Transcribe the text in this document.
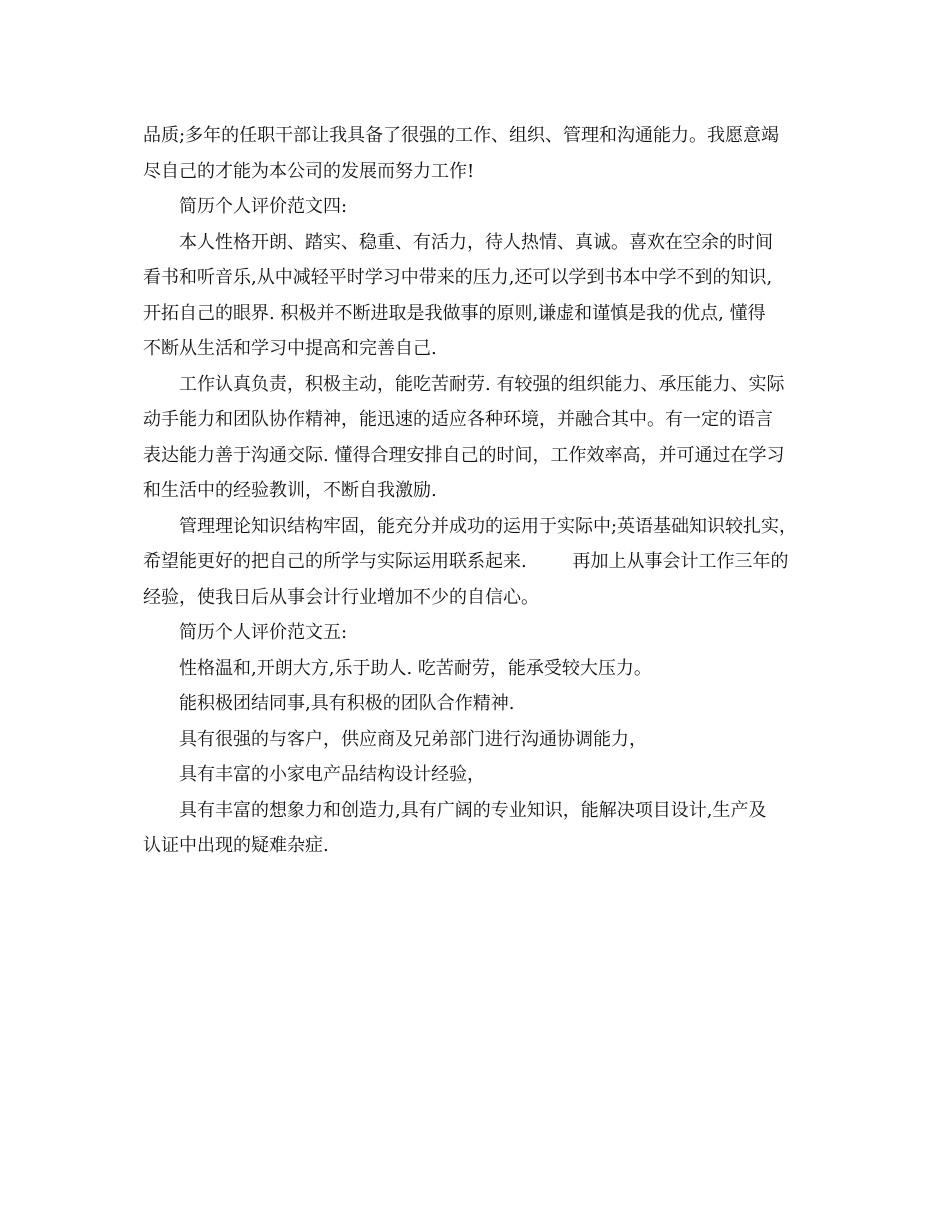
品质;多年的任职干部让我具备了很强的工作、组织、管理和沟通能力。我愿意竭
尽自己的才能为本公司的发展而努力工作!
简历个人评价范文四:
本人性格开朗、踏实、稳重、有活力，待人热情、真诚。喜欢在空余的时间
看书和听音乐,从中减轻平时学习中带来的压力,还可以学到书本中学不到的知识,
开拓自己的眼界. 积极并不断进取是我做事的原则,谦虚和谨慎是我的优点, 懂得
不断从生活和学习中提高和完善自己.
工作认真负责，积极主动，能吃苦耐劳. 有较强的组织能力、承压能力、实际
动手能力和团队协作精神，能迅速的适应各种环境，并融合其中。有一定的语言
表达能力善于沟通交际. 懂得合理安排自己的时间，工作效率高，并可通过在学习
和生活中的经验教训，不断自我激励.
管理理论知识结构牢固，能充分并成功的运用于实际中;英语基础知识较扎实，
希望能更好的把自己的所学与实际运用联系起来.        再加上从事会计工作三年的
经验，使我日后从事会计行业增加不少的自信心。
简历个人评价范文五:
性格温和,开朗大方,乐于助人. 吃苦耐劳，能承受较大压力。
能积极团结同事,具有积极的团队合作精神.
具有很强的与客户，供应商及兄弟部门进行沟通协调能力，
具有丰富的小家电产品结构设计经验，
具有丰富的想象力和创造力,具有广阔的专业知识，能解决项目设计,生产及
认证中出现的疑难杂症.
